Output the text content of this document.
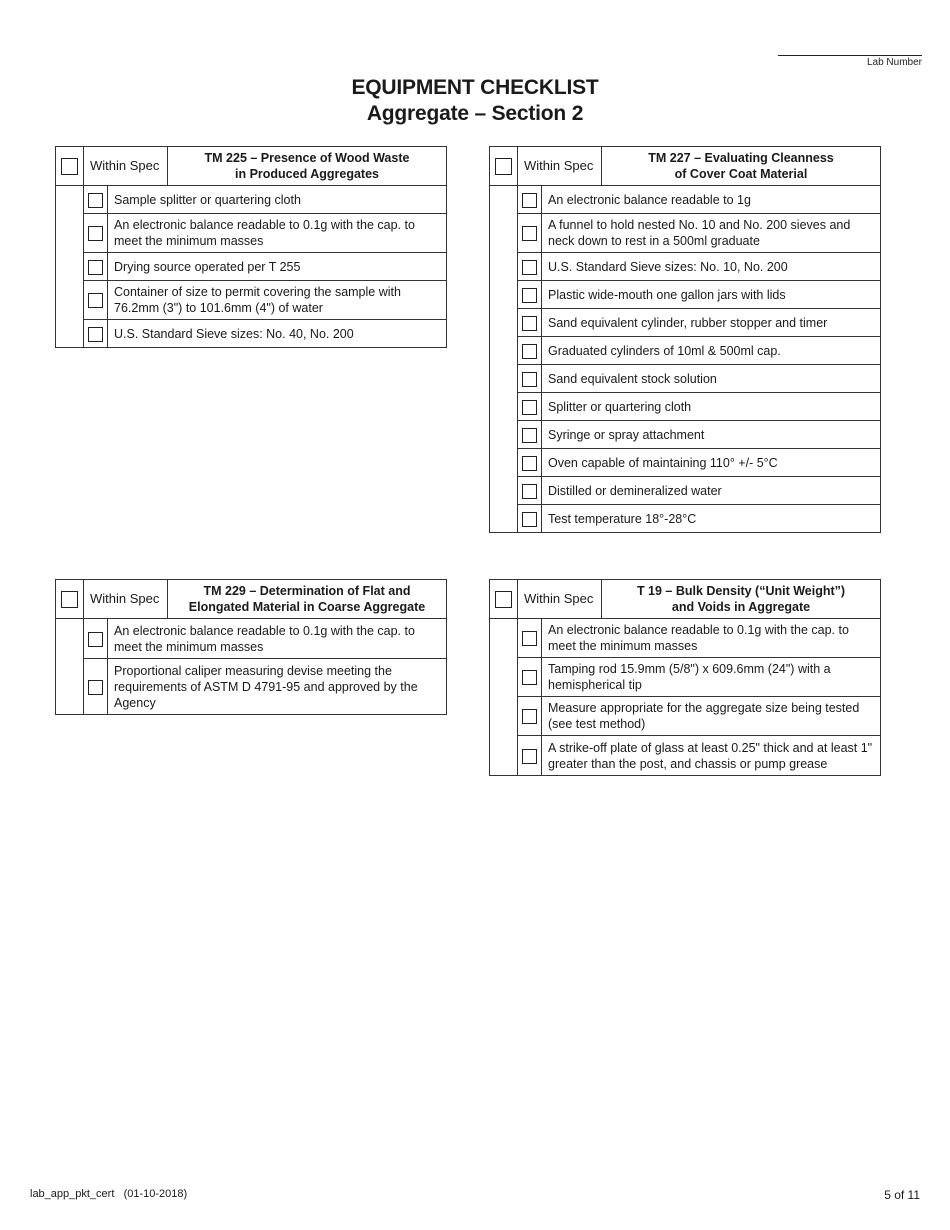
Lab Number
EQUIPMENT CHECKLIST
Aggregate – Section 2
	Within Spec		TM 225 – Presence of Wood Waste
in Produced Aggregates
		Sample splitter or quartering cloth	
		An electronic balance readable to 0.1g with the cap. to meet the minimum masses	
		Drying source operated per T 255	
		Container of size to permit covering the sample with 76.2mm (3") to 101.6mm (4") of water	
		U.S. Standard Sieve sizes: No. 40, No. 200	
	Within Spec		TM 227 – Evaluating Cleanness
of Cover Coat Material
		An electronic balance readable to 1g	
		A funnel to hold nested No. 10 and No. 200 sieves and neck down to rest in a 500ml graduate	
		U.S. Standard Sieve sizes: No. 10, No. 200	
		Plastic wide-mouth one gallon jars with lids	
		Sand equivalent cylinder, rubber stopper and timer	
		Graduated cylinders of 10ml & 500ml cap.	
		Sand equivalent stock solution	
		Splitter or quartering cloth	
		Syringe or spray attachment	
		Oven capable of maintaining 110° +/- 5°C	
		Distilled or demineralized water	
		Test temperature 18°-28°C	
	Within Spec		TM 229 – Determination of Flat and
Elongated Material in Coarse Aggregate
		An electronic balance readable to 0.1g with the cap. to meet the minimum masses	
		Proportional caliper measuring devise meeting the requirements of ASTM D 4791-95 and approved by the Agency	
	Within Spec		T 19 – Bulk Density (“Unit Weight”)
and Voids in Aggregate
		An electronic balance readable to 0.1g with the cap. to meet the minimum masses	
		Tamping rod 15.9mm (5/8") x 609.6mm (24") with a hemispherical tip	
		Measure appropriate for the aggregate size being tested (see test method)	
		A strike-off plate of glass at least 0.25" thick and at least 1" greater than the post, and chassis or pump grease	
lab_app_pkt_cert (01-10-2018)	5 of 11
